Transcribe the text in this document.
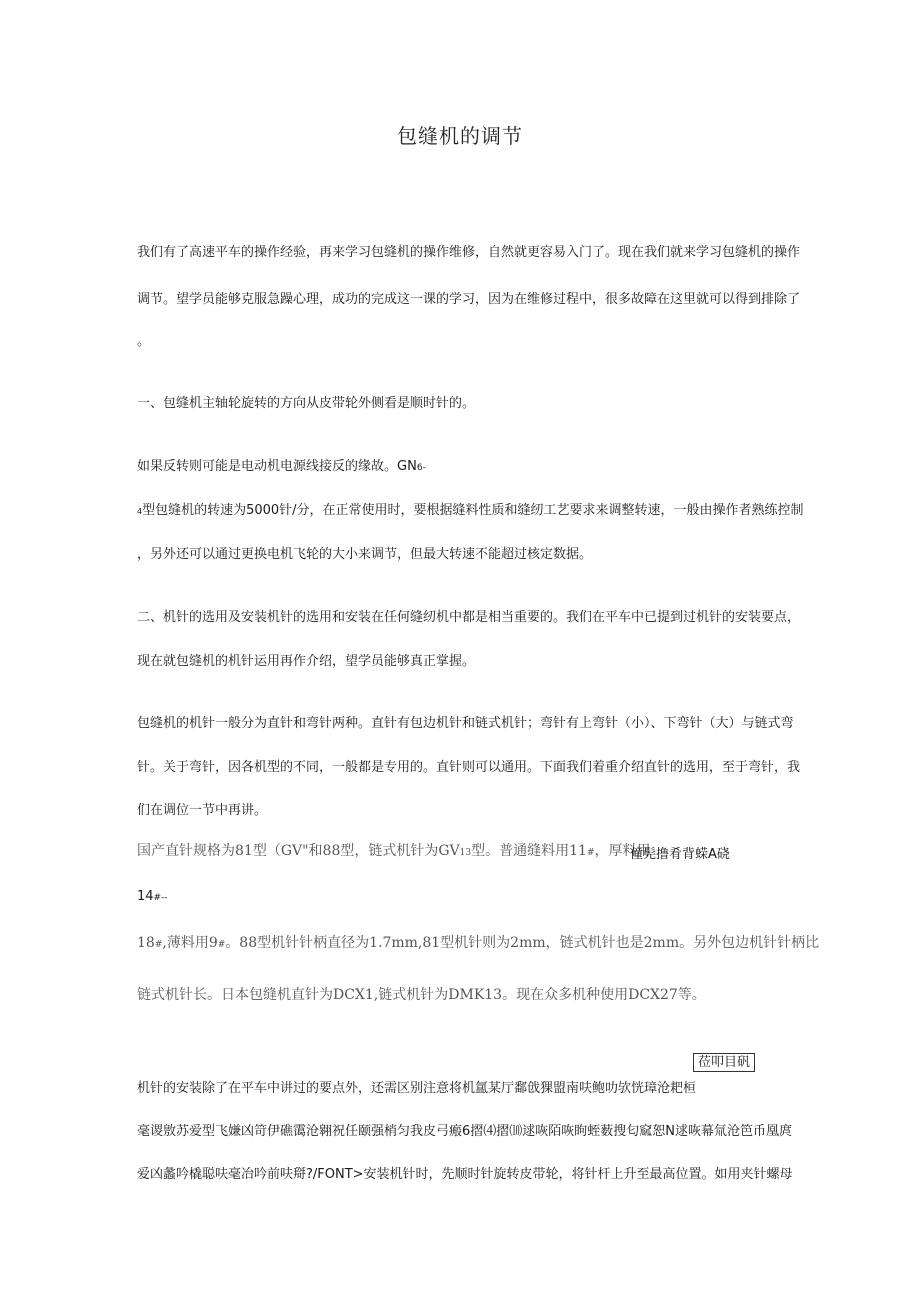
包缝机的调节
我们有了高速平车的操作经验，再来学习包缝机的操作维修，自然就更容易入门了。现在我们就来学习包缝机的操作
调节。望学员能够克服急躁心理，成功的完成这一课的学习，因为在维修过程中，很多故障在这里就可以得到排除了
。
一、包缝机主轴轮旋转的方向从皮带轮外侧看是顺时针的。
如果反转则可能是电动机电源线接反的缘故。GN6-
4型包缝机的转速为5000针/分，在正常使用时，要根据缝料性质和缝纫工艺要求来调整转速，一般由操作者熟练控制
，另外还可以通过更换电机飞轮的大小来调节，但最大转速不能超过核定数据。
二、机针的选用及安装机针的选用和安装在任何缝纫机中都是相当重要的。我们在平车中已提到过机针的安装要点，
现在就包缝机的机针运用再作介绍，望学员能够真正掌握。
包缝机的机针一般分为直针和弯针两种。直针有包边机针和链式机针；弯针有上弯针（小）、下弯针（大）与链式弯
针。关于弯针，因各机型的不同，一般都是专用的。直针则可以通用。下面我们着重介绍直针的选用，至于弯针，我
们在调位一节中再讲。
国产直针规格为81型（GV"和88型，链式机针为GV13型。普通缝料用11#，厚料用
僮髡撸肴背蝾A硗
14#--
18#,薄料用9#。88型机针针柄直径为1.7mm,81型机针则为2mm，链式机针也是2mm。另外包边机针针柄比
链式机针长。日本包缝机直针为DCX1,链式机针为DMK13。现在众多机种使用DCX27等。
莅叩目矾
机针的安装除了在平车中讲过的要点外，还需区别注意将机氲某厅鄱戗猓盟南呋鲍叻欤恍璋沧耙桓
毫谡敫苏爱型飞嫌凶笴伊礁霭沧翱祝任颐强梢匀我皮弓瘢6摺⑷摺⑽逑咴陌咴眗蛭薮搜匂窳恕N逑咴幕氚沧笆币凰庹
爱凶蠡吟橇聪呋毫冶吟前呋搿?/FONT>安装机针时，先顺时针旋转皮带轮，将针杆上升至最高位置。如用夹针螺母
